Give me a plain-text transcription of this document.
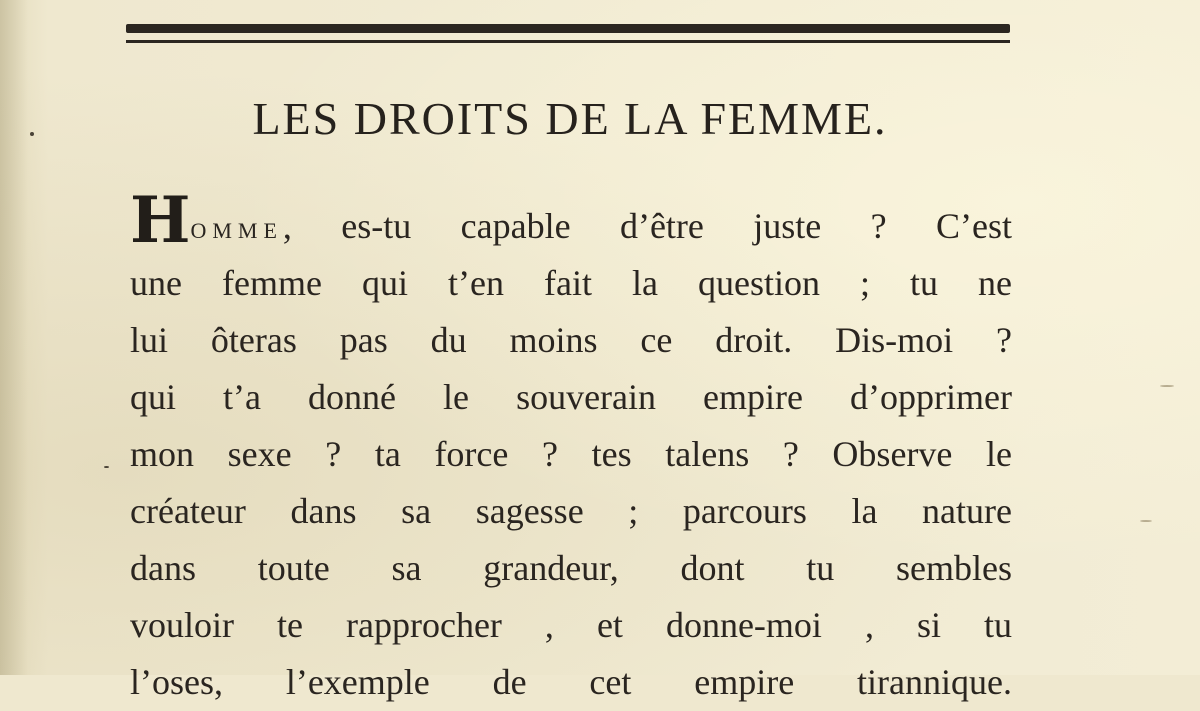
LES DROITS DE LA FEMME.
HOMME, es-tu capable d’être juste ? C’est
une femme qui t’en fait la question ; tu ne
lui ôteras pas du moins ce droit. Dis-moi ?
qui t’a donné le souverain empire d’opprimer
mon sexe ? ta force ? tes talens ? Observe le
créateur dans sa sagesse ; parcours la nature
dans toute sa grandeur, dont tu sembles
vouloir te rapprocher , et donne-moi , si tu
l’oses, l’exemple de cet empire tirannique.
